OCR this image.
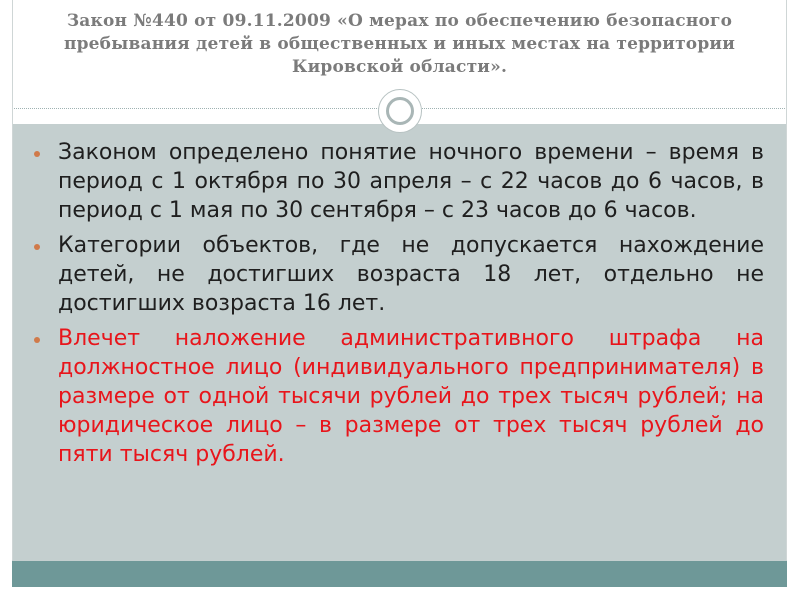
Закон №440 от 09.11.2009 «О мерах по обеспечению безопасного пребывания детей в общественных и иных местах на территории Кировской области».
Законом определено понятие ночного времени – время в период с 1 октября по 30 апреля – с 22 часов до 6 часов, в период с 1 мая по 30 сентября – с 23 часов до 6 часов.
Категории объектов, где не допускается нахождение детей, не достигших возраста 18 лет, отдельно не достигших возраста 16 лет.
Влечет наложение административного штрафа на должностное лицо (индивидуального предпринимателя) в размере от одной тысячи рублей до трех тысяч рублей; на юридическое лицо – в размере от трех тысяч рублей до пяти тысяч рублей.
